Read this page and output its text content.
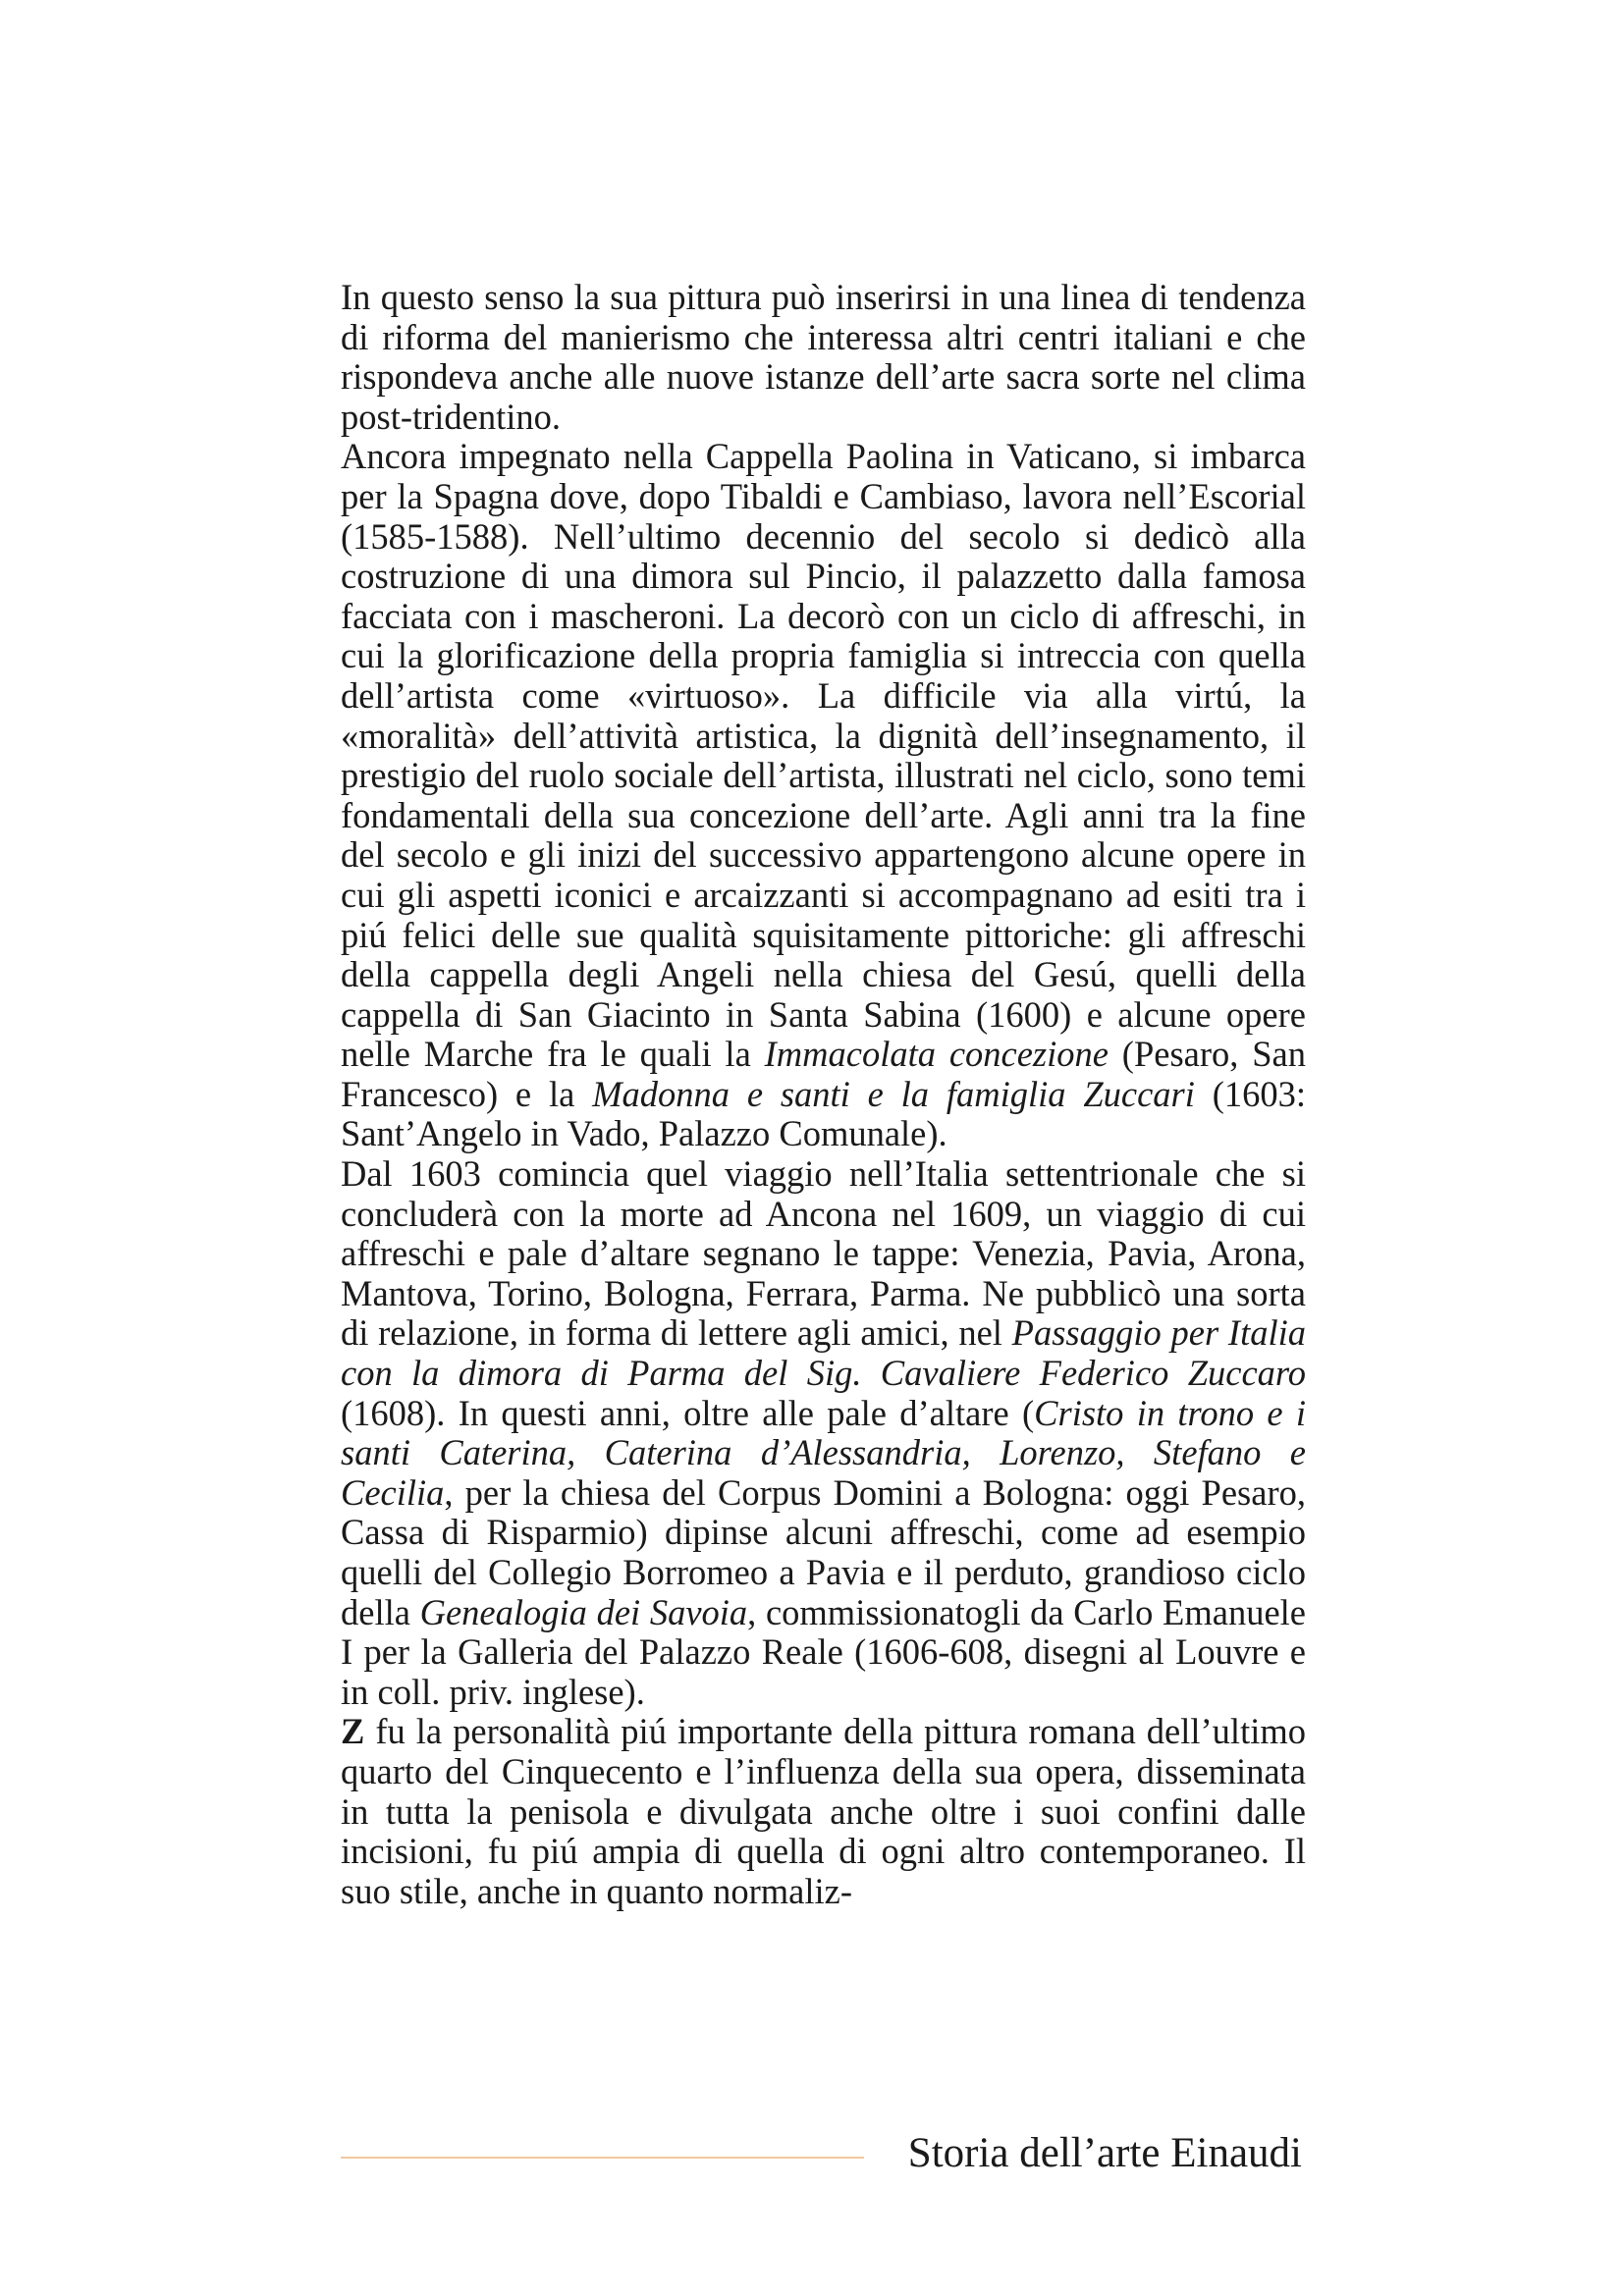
In questo senso la sua pittura può inserirsi in una linea di tendenza di riforma del manierismo che interessa altri centri italiani e che rispondeva anche alle nuove istanze dell’arte sacra sorte nel clima post-tridentino.

Ancora impegnato nella Cappella Paolina in Vaticano, si imbarca per la Spagna dove, dopo Tibaldi e Cambiaso, lavora nell’Escorial (1585-1588). Nell’ultimo decennio del secolo si dedicò alla costruzione di una dimora sul Pincio, il palazzetto dalla famosa facciata con i mascheroni. La decorò con un ciclo di affreschi, in cui la glorificazione della propria famiglia si intreccia con quella dell’artista come «virtuoso». La difficile via alla virtú, la «moralità» dell’attività artistica, la dignità dell’insegnamento, il prestigio del ruolo sociale dell’artista, illustrati nel ciclo, sono temi fondamentali della sua concezione dell’arte. Agli anni tra la fine del secolo e gli inizi del successivo appartengono alcune opere in cui gli aspetti iconici e arcaizzanti si accompagnano ad esiti tra i piú felici delle sue qualità squisitamente pittoriche: gli affreschi della cappella degli Angeli nella chiesa del Gesú, quelli della cappella di San Giacinto in Santa Sabina (1600) e alcune opere nelle Marche fra le quali la Immacolata concezione (Pesaro, San Francesco) e la Madonna e santi e la famiglia Zuccari (1603: Sant’Angelo in Vado, Palazzo Comunale).

Dal 1603 comincia quel viaggio nell’Italia settentrionale che si concluderà con la morte ad Ancona nel 1609, un viaggio di cui affreschi e pale d’altare segnano le tappe: Venezia, Pavia, Arona, Mantova, Torino, Bologna, Ferrara, Parma. Ne pubblicò una sorta di relazione, in forma di lettere agli amici, nel Passaggio per Italia con la dimora di Parma del Sig. Cavaliere Federico Zuccaro (1608). In questi anni, oltre alle pale d’altare (Cristo in trono e i santi Caterina, Caterina d’Alessandria, Lorenzo, Stefano e Cecilia, per la chiesa del Corpus Domini a Bologna: oggi Pesaro, Cassa di Risparmio) dipinse alcuni affreschi, come ad esempio quelli del Collegio Borromeo a Pavia e il perduto, grandioso ciclo della Genealogia dei Savoia, commissionatogli da Carlo Emanuele I per la Galleria del Palazzo Reale (1606-608, disegni al Louvre e in coll. priv. inglese).

Z fu la personalità piú importante della pittura romana dell’ultimo quarto del Cinquecento e l’influenza della sua opera, disseminata in tutta la penisola e divulgata anche oltre i suoi confini dalle incisioni, fu piú ampia di quella di ogni altro contemporaneo. Il suo stile, anche in quanto normaliz-

Storia dell’arte Einaudi
